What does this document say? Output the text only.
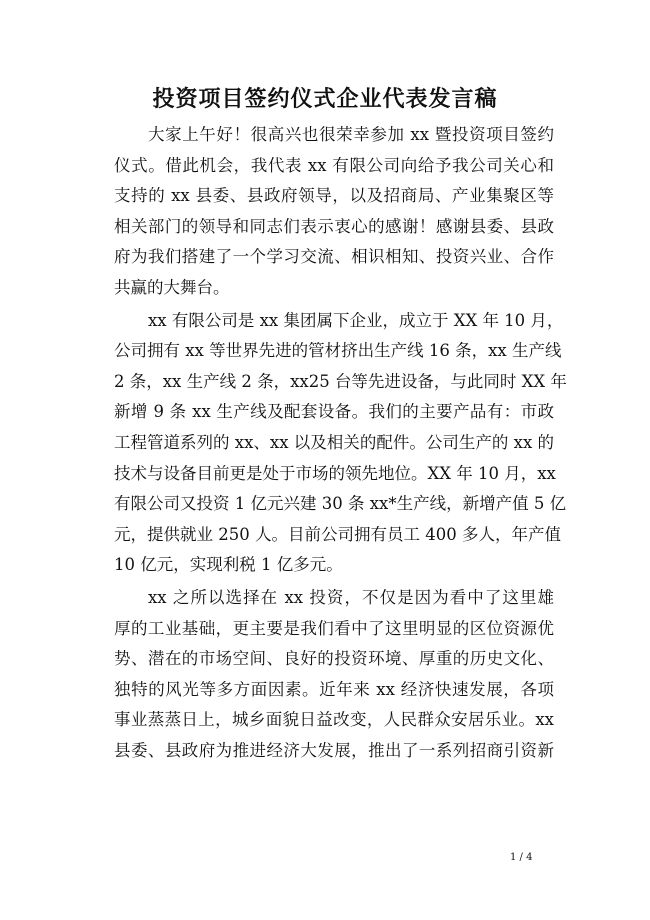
投资项目签约仪式企业代表发言稿
大家上午好！很高兴也很荣幸参加 xx 暨投资项目签约
仪式。借此机会，我代表 xx 有限公司向给予我公司关心和
支持的 xx 县委、县政府领导，以及招商局、产业集聚区等
相关部门的领导和同志们表示衷心的感谢！感谢县委、县政
府为我们搭建了一个学习交流、相识相知、投资兴业、合作
共赢的大舞台。
xx 有限公司是 xx 集团属下企业，成立于 XX 年 10 月，
公司拥有 xx 等世界先进的管材挤出生产线 16 条，xx 生产线
2 条，xx 生产线 2 条，xx25 台等先进设备，与此同时 XX 年
新增 9 条 xx 生产线及配套设备。我们的主要产品有：市政
工程管道系列的 xx、xx 以及相关的配件。公司生产的 xx 的
技术与设备目前更是处于市场的领先地位。XX 年 10 月，xx
有限公司又投资 1 亿元兴建 30 条 xx*生产线，新增产值 5 亿
元，提供就业 250 人。目前公司拥有员工 400 多人，年产值
10 亿元，实现利税 1 亿多元。
xx 之所以选择在 xx 投资，不仅是因为看中了这里雄
厚的工业基础，更主要是我们看中了这里明显的区位资源优
势、潜在的市场空间、良好的投资环境、厚重的历史文化、
独特的风光等多方面因素。近年来 xx 经济快速发展，各项
事业蒸蒸日上，城乡面貌日益改变，人民群众安居乐业。xx
县委、县政府为推进经济大发展，推出了一系列招商引资新
1 / 4
